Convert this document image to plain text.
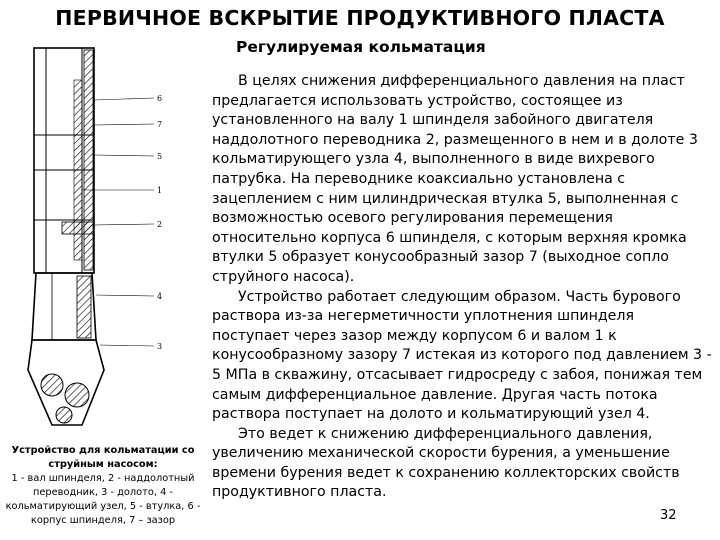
ПЕРВИЧНОЕ ВСКРЫТИЕ ПРОДУКТИВНОГО ПЛАСТА
Регулируемая кольматация
6
7
5
1
2
4
3
Устройство для кольматации со струйным насосом:
1 - вал шпинделя, 2 - наддолотный переводник, 3 - долото, 4 - кольматирующий узел, 5 - втулка, 6 - корпус шпинделя, 7 – зазор

В целях снижения дифференциального давления на пласт предлагается использовать устройство, состоящее из установленного на валу 1 шпинделя забойного двигателя наддолотного переводника 2, размещенного в нем и в долоте 3 кольматирующего узла 4, выполненного в виде вихревого патрубка. На переводнике коаксиально установлена с зацеплением с ним цилиндрическая втулка 5, выполненная с возможностью осевого регулирования перемещения относительно корпуса 6 шпинделя, с которым верхняя кромка втулки 5 образует конусообразный зазор 7 (выходное сопло струйного насоса).

Устройство работает следующим образом. Часть бурового раствора из-за негерметичности уплотнения шпинделя поступает через зазор между корпусом 6 и валом 1 к конусообразному зазору 7 истекая из которого под давлением 3 - 5 МПа в скважину, отсасывает гидросреду с забоя, понижая тем самым дифференциальное давление. Другая часть потока раствора поступает на долото и кольматирующий узел 4.

Это ведет к снижению дифференциального давления, увеличению механической скорости бурения, а уменьшение времени бурения ведет к сохранению коллекторских свойств продуктивного пласта.

32
